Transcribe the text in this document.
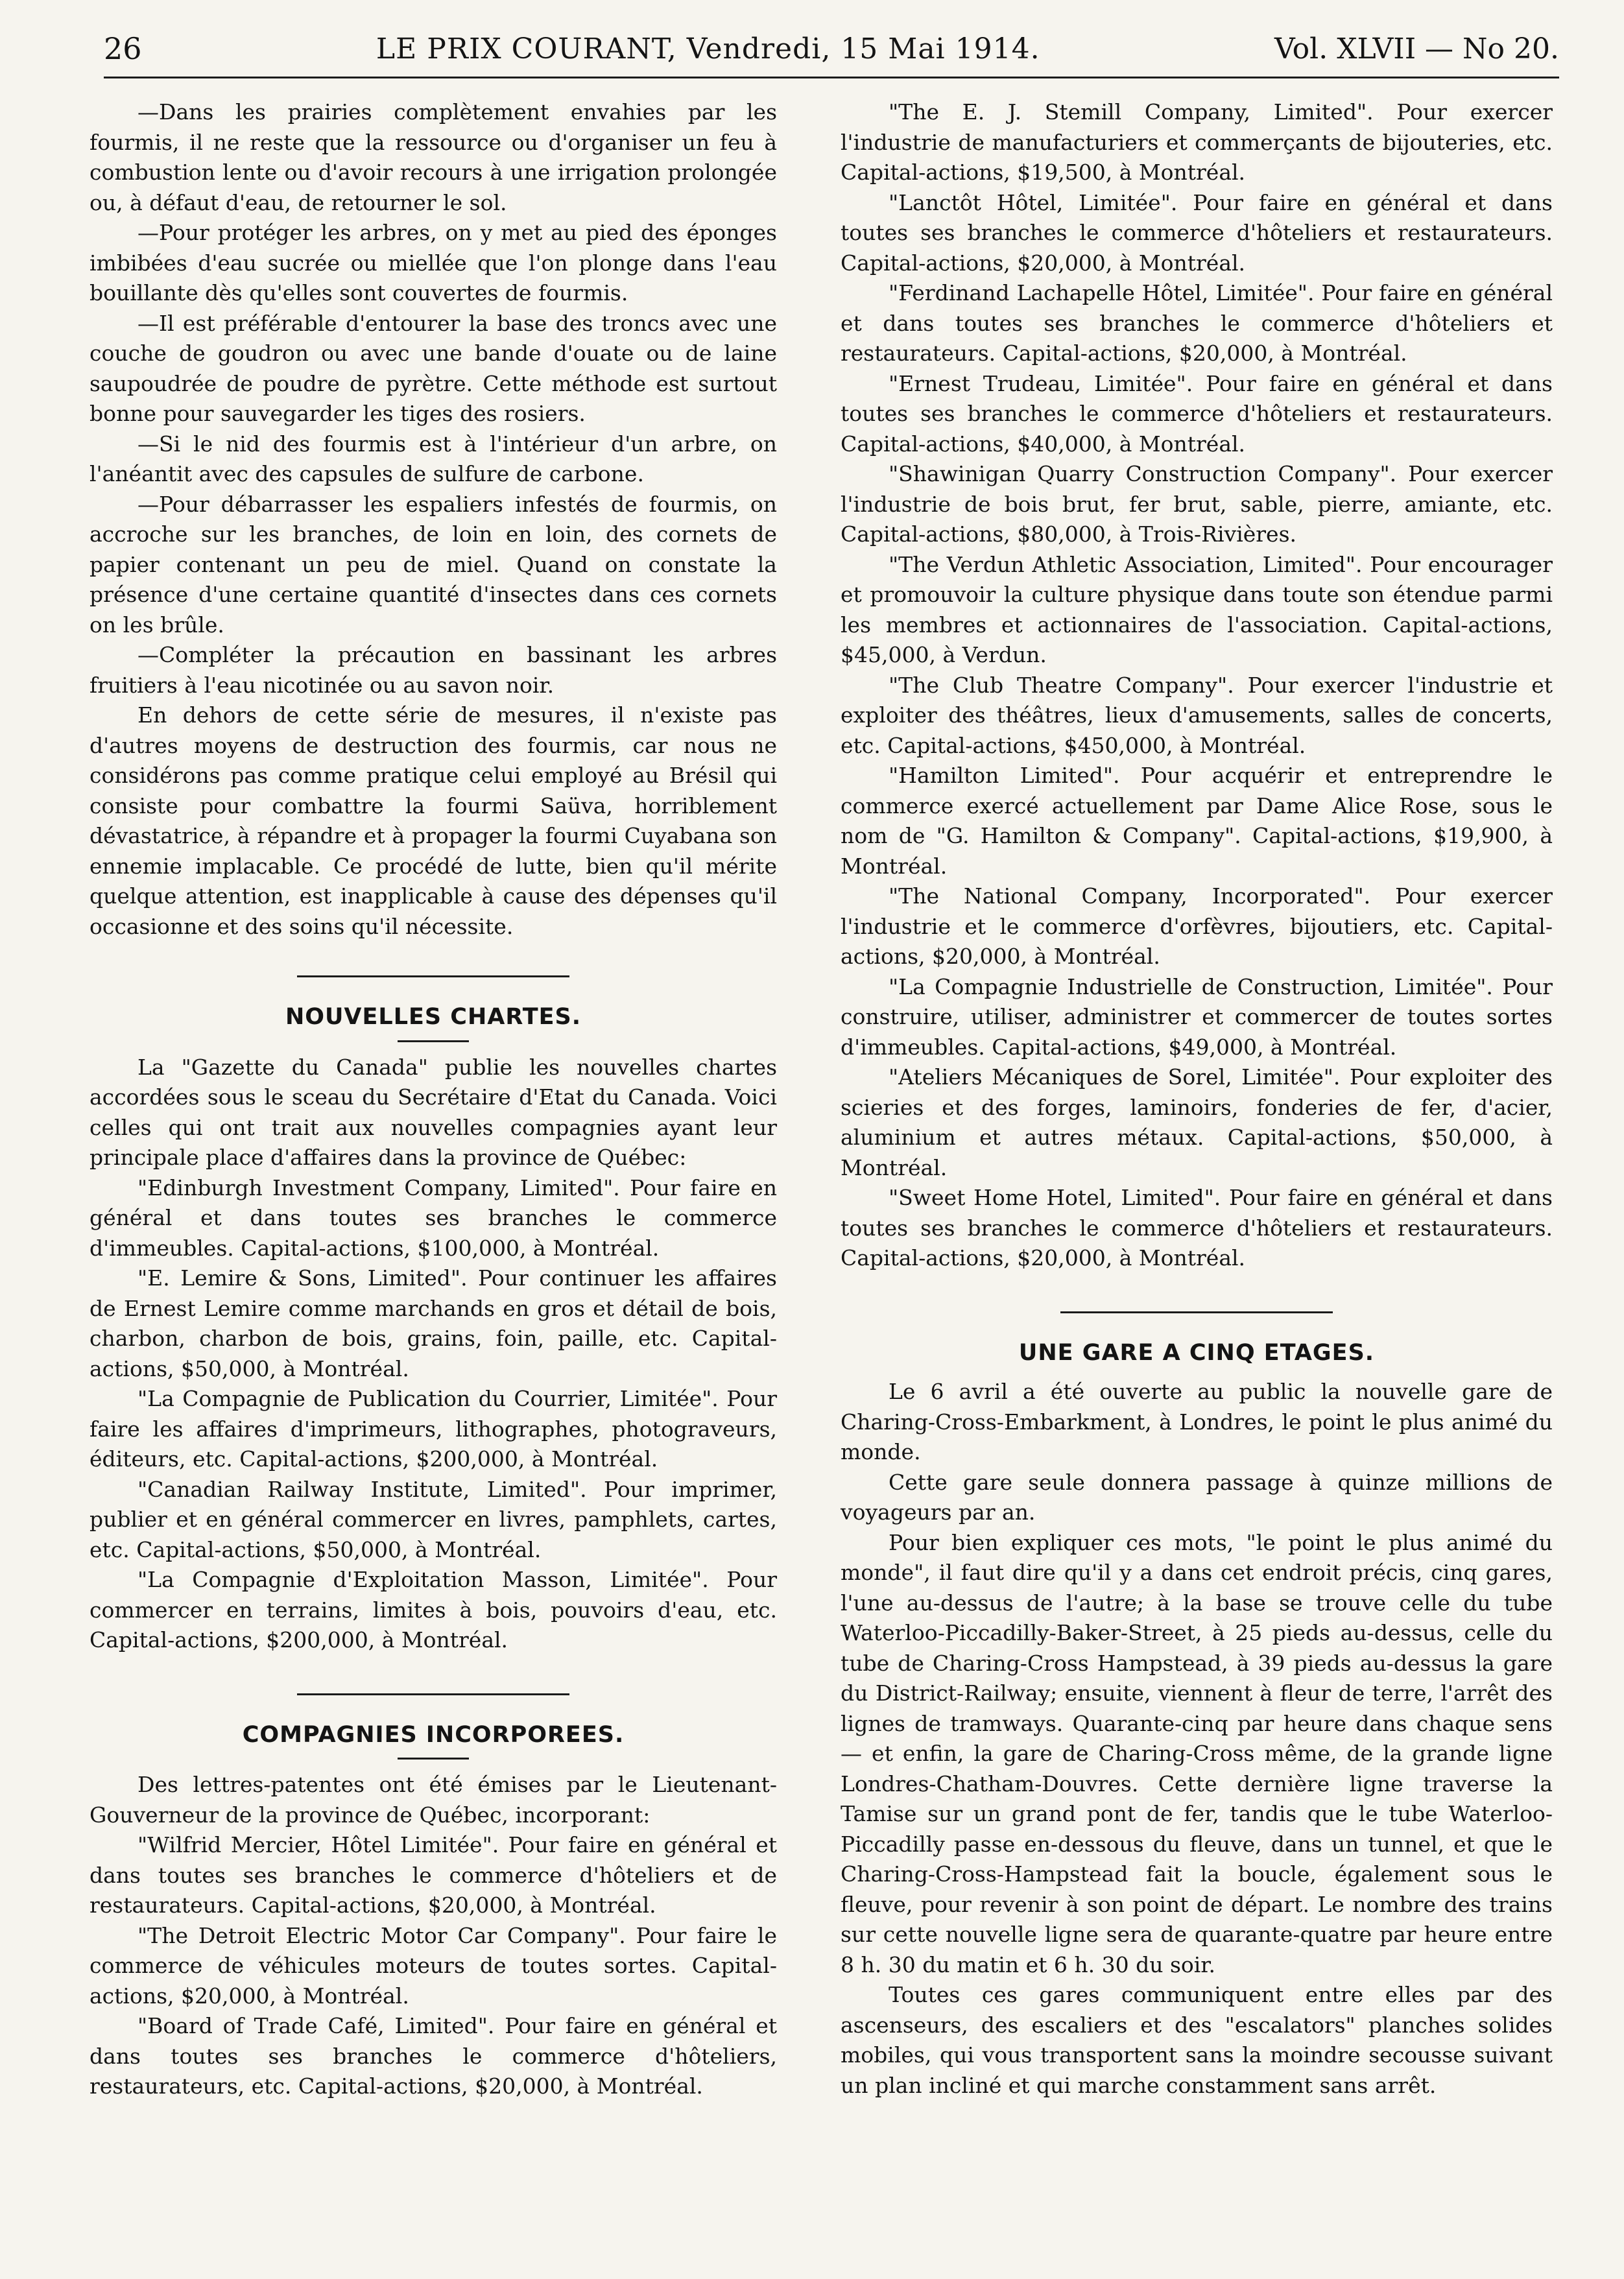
26	LE PRIX COURANT, Vendredi, 15 Mai 1914.	Vol. XLVII — No 20.

—Dans les prairies complètement envahies par les fourmis, il ne reste que la ressource ou d'organiser un feu à combustion lente ou d'avoir recours à une irrigation prolongée ou, à défaut d'eau, de retourner le sol.

—Pour protéger les arbres, on y met au pied des éponges imbibées d'eau sucrée ou miellée que l'on plonge dans l'eau bouillante dès qu'elles sont couvertes de fourmis.

—Il est préférable d'entourer la base des troncs avec une couche de goudron ou avec une bande d'ouate ou de laine saupoudrée de poudre de pyrètre. Cette méthode est surtout bonne pour sauvegarder les tiges des rosiers.

—Si le nid des fourmis est à l'intérieur d'un arbre, on l'anéantit avec des capsules de sulfure de carbone.

—Pour débarrasser les espaliers infestés de fourmis, on accroche sur les branches, de loin en loin, des cornets de papier contenant un peu de miel. Quand on constate la présence d'une certaine quantité d'insectes dans ces cornets on les brûle.

—Compléter la précaution en bassinant les arbres fruitiers à l'eau nicotinée ou au savon noir.

En dehors de cette série de mesures, il n'existe pas d'autres moyens de destruction des fourmis, car nous ne considérons pas comme pratique celui employé au Brésil qui consiste pour combattre la fourmi Saüva, horriblement dévastatrice, à répandre et à propager la fourmi Cuyabana son ennemie implacable. Ce procédé de lutte, bien qu'il mérite quelque attention, est inapplicable à cause des dépenses qu'il occasionne et des soins qu'il nécessite.

NOUVELLES CHARTES.

La "Gazette du Canada" publie les nouvelles chartes accordées sous le sceau du Secrétaire d'Etat du Canada. Voici celles qui ont trait aux nouvelles compagnies ayant leur principale place d'affaires dans la province de Québec:

"Edinburgh Investment Company, Limited". Pour faire en général et dans toutes ses branches le commerce d'immeubles. Capital-actions, $100,000, à Montréal.

"E. Lemire & Sons, Limited". Pour continuer les affaires de Ernest Lemire comme marchands en gros et détail de bois, charbon, charbon de bois, grains, foin, paille, etc. Capital-actions, $50,000, à Montréal.

"La Compagnie de Publication du Courrier, Limitée". Pour faire les affaires d'imprimeurs, lithographes, photograveurs, éditeurs, etc. Capital-actions, $200,000, à Montréal.

"Canadian Railway Institute, Limited". Pour imprimer, publier et en général commercer en livres, pamphlets, cartes, etc. Capital-actions, $50,000, à Montréal.

"La Compagnie d'Exploitation Masson, Limitée". Pour commercer en terrains, limites à bois, pouvoirs d'eau, etc. Capital-actions, $200,000, à Montréal.

COMPAGNIES INCORPOREES.

Des lettres-patentes ont été émises par le Lieutenant-Gouverneur de la province de Québec, incorporant:

"Wilfrid Mercier, Hôtel Limitée". Pour faire en général et dans toutes ses branches le commerce d'hôteliers et de restaurateurs. Capital-actions, $20,000, à Montréal.

"The Detroit Electric Motor Car Company". Pour faire le commerce de véhicules moteurs de toutes sortes. Capital-actions, $20,000, à Montréal.

"Board of Trade Café, Limited". Pour faire en général et dans toutes ses branches le commerce d'hôteliers, restaurateurs, etc. Capital-actions, $20,000, à Montréal.

"The E. J. Stemill Company, Limited". Pour exercer l'industrie de manufacturiers et commerçants de bijouteries, etc. Capital-actions, $19,500, à Montréal.

"Lanctôt Hôtel, Limitée". Pour faire en général et dans toutes ses branches le commerce d'hôteliers et restaurateurs. Capital-actions, $20,000, à Montréal.

"Ferdinand Lachapelle Hôtel, Limitée". Pour faire en général et dans toutes ses branches le commerce d'hôteliers et restaurateurs. Capital-actions, $20,000, à Montréal.

"Ernest Trudeau, Limitée". Pour faire en général et dans toutes ses branches le commerce d'hôteliers et restaurateurs. Capital-actions, $40,000, à Montréal.

"Shawinigan Quarry Construction Company". Pour exercer l'industrie de bois brut, fer brut, sable, pierre, amiante, etc. Capital-actions, $80,000, à Trois-Rivières.

"The Verdun Athletic Association, Limited". Pour encourager et promouvoir la culture physique dans toute son étendue parmi les membres et actionnaires de l'association. Capital-actions, $45,000, à Verdun.

"The Club Theatre Company". Pour exercer l'industrie et exploiter des théâtres, lieux d'amusements, salles de concerts, etc. Capital-actions, $450,000, à Montréal.

"Hamilton Limited". Pour acquérir et entreprendre le commerce exercé actuellement par Dame Alice Rose, sous le nom de "G. Hamilton & Company". Capital-actions, $19,900, à Montréal.

"The National Company, Incorporated". Pour exercer l'industrie et le commerce d'orfèvres, bijoutiers, etc. Capital-actions, $20,000, à Montréal.

"La Compagnie Industrielle de Construction, Limitée". Pour construire, utiliser, administrer et commercer de toutes sortes d'immeubles. Capital-actions, $49,000, à Montréal.

"Ateliers Mécaniques de Sorel, Limitée". Pour exploiter des scieries et des forges, laminoirs, fonderies de fer, d'acier, aluminium et autres métaux. Capital-actions, $50,000, à Montréal.

"Sweet Home Hotel, Limited". Pour faire en général et dans toutes ses branches le commerce d'hôteliers et restaurateurs. Capital-actions, $20,000, à Montréal.

UNE GARE A CINQ ETAGES.

Le 6 avril a été ouverte au public la nouvelle gare de Charing-Cross-Embarkment, à Londres, le point le plus animé du monde.

Cette gare seule donnera passage à quinze millions de voyageurs par an.

Pour bien expliquer ces mots, "le point le plus animé du monde", il faut dire qu'il y a dans cet endroit précis, cinq gares, l'une au-dessus de l'autre; à la base se trouve celle du tube Waterloo-Piccadilly-Baker-Street, à 25 pieds au-dessus, celle du tube de Charing-Cross Hampstead, à 39 pieds au-dessus la gare du District-Railway; ensuite, viennent à fleur de terre, l'arrêt des lignes de tramways. Quarante-cinq par heure dans chaque sens — et enfin, la gare de Charing-Cross même, de la grande ligne Londres-Chatham-Douvres. Cette dernière ligne traverse la Tamise sur un grand pont de fer, tandis que le tube Waterloo-Piccadilly passe en-dessous du fleuve, dans un tunnel, et que le Charing-Cross-Hampstead fait la boucle, également sous le fleuve, pour revenir à son point de départ. Le nombre des trains sur cette nouvelle ligne sera de quarante-quatre par heure entre 8 h. 30 du matin et 6 h. 30 du soir.

Toutes ces gares communiquent entre elles par des ascenseurs, des escaliers et des "escalators" planches solides mobiles, qui vous transportent sans la moindre secousse suivant un plan incliné et qui marche constamment sans arrêt.
